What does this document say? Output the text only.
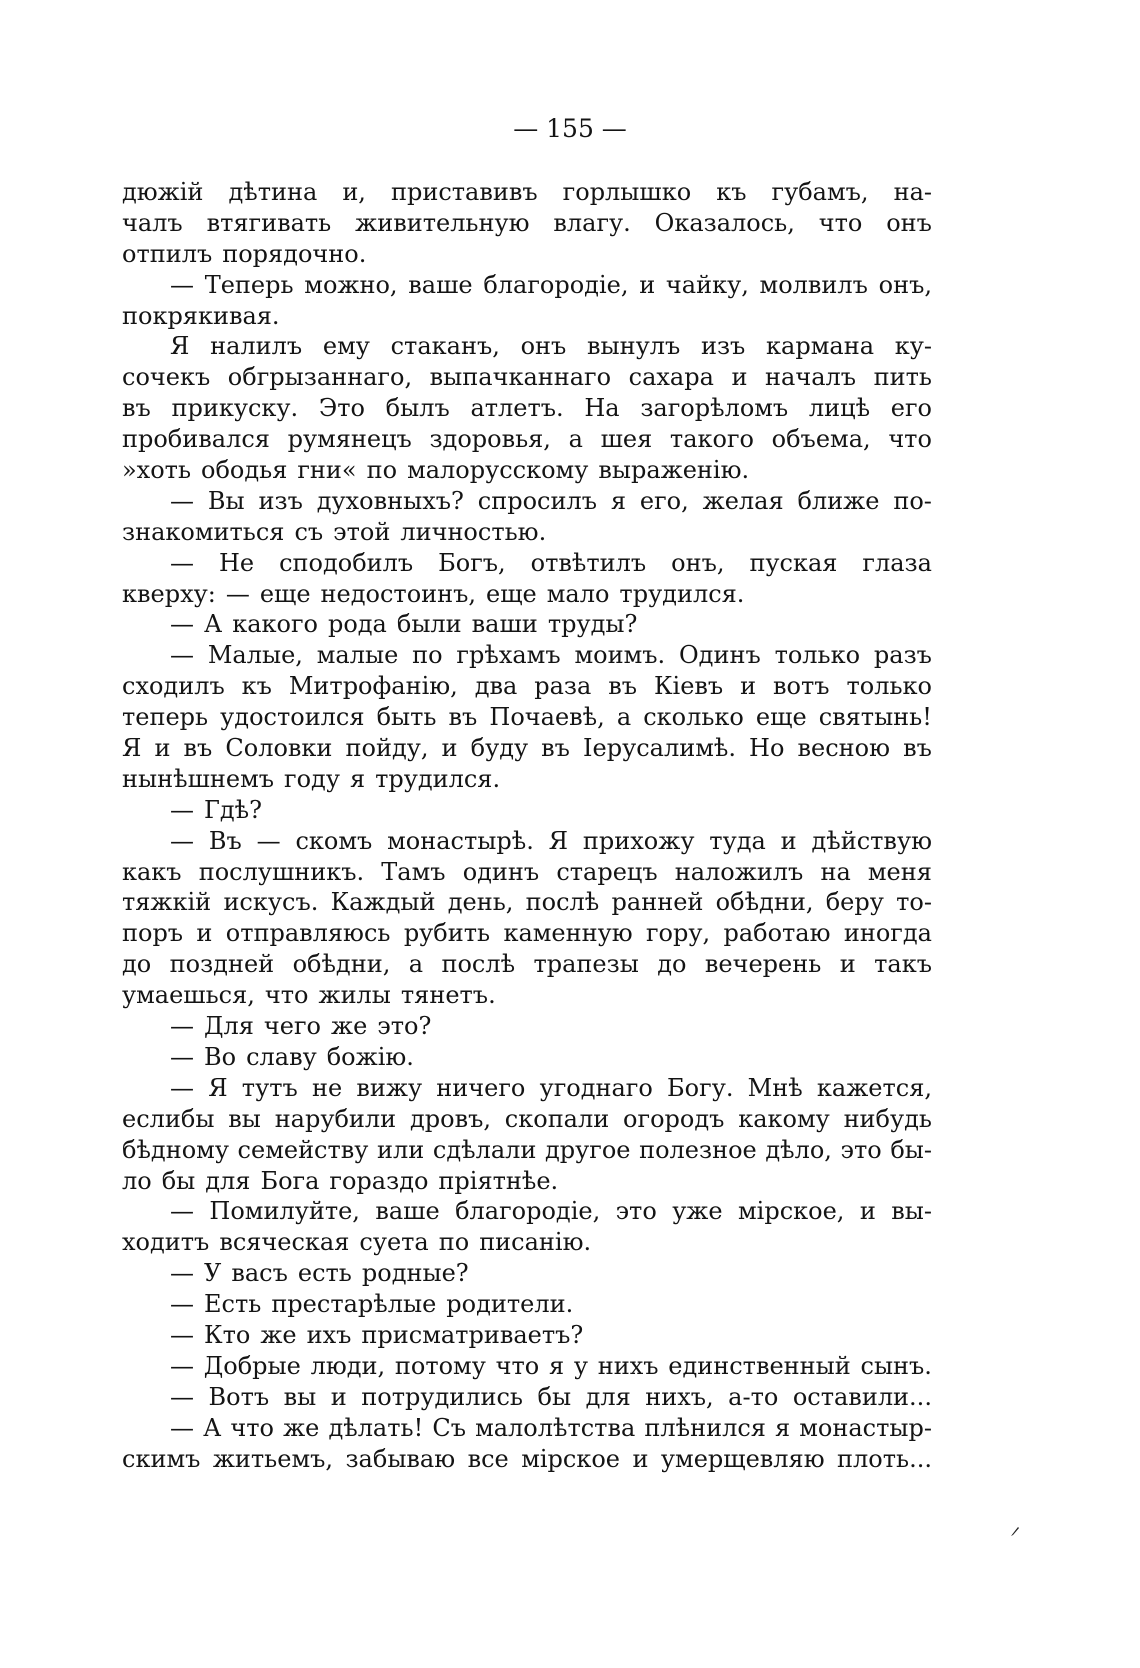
— 155 —
дюжій дѣтина и, приставивъ горлышко къ губамъ, на-
чалъ втягивать живительную влагу. Оказалось, что онъ
отпилъ порядочно.
— Теперь можно, ваше благородіе, и чайку, молвилъ онъ,
покрякивая.
Я налилъ ему стаканъ, онъ вынулъ изъ кармана ку-
сочекъ обгрызаннаго, выпачканнаго сахара и началъ пить
въ прикуску. Это былъ атлетъ. На загорѣломъ лицѣ его
пробивался румянецъ здоровья, а шея такого объема, что
»хоть ободья гни« по малорусскому выраженію.
— Вы изъ духовныхъ? спросилъ я его, желая ближе по-
знакомиться съ этой личностью.
— Не сподобилъ Богъ, отвѣтилъ онъ, пуская глаза
кверху: — еще недостоинъ, еще мало трудился.
— А какого рода были ваши труды?
— Малые, малые по грѣхамъ моимъ. Одинъ только разъ
сходилъ къ Митрофанію, два раза въ Кіевъ и вотъ только
теперь удостоился быть въ Почаевѣ, а сколько еще святынь!
Я и въ Соловки пойду, и буду въ Іерусалимѣ. Но весною въ
нынѣшнемъ году я трудился.
— Гдѣ?
— Въ — скомъ монастырѣ. Я прихожу туда и дѣйствую
какъ послушникъ. Тамъ одинъ старецъ наложилъ на меня
тяжкій искусъ. Каждый день, послѣ ранней обѣдни, беру то-
поръ и отправляюсь рубить каменную гору, работаю иногда
до поздней обѣдни, а послѣ трапезы до вечерень и такъ
умаешься, что жилы тянетъ.
— Для чего же это?
— Во славу божію.
— Я тутъ не вижу ничего угоднаго Богу. Мнѣ кажется,
еслибы вы нарубили дровъ, скопали огородъ какому нибудь
бѣдному семейству или сдѣлали другое полезное дѣло, это бы-
ло бы для Бога гораздо пріятнѣе.
— Помилуйте, ваше благородіе, это уже мірское, и вы-
ходитъ всяческая суета по писанію.
— У васъ есть родные?
— Есть престарѣлые родители.
— Кто же ихъ присматриваетъ?
— Добрые люди, потому что я у нихъ единственный сынъ.
— Вотъ вы и потрудились бы для нихъ, а-то оставили...
— А что же дѣлать! Съ малолѣтства плѣнился я монастыр-
скимъ житьемъ, забываю все мірское и умерщевляю плоть...
